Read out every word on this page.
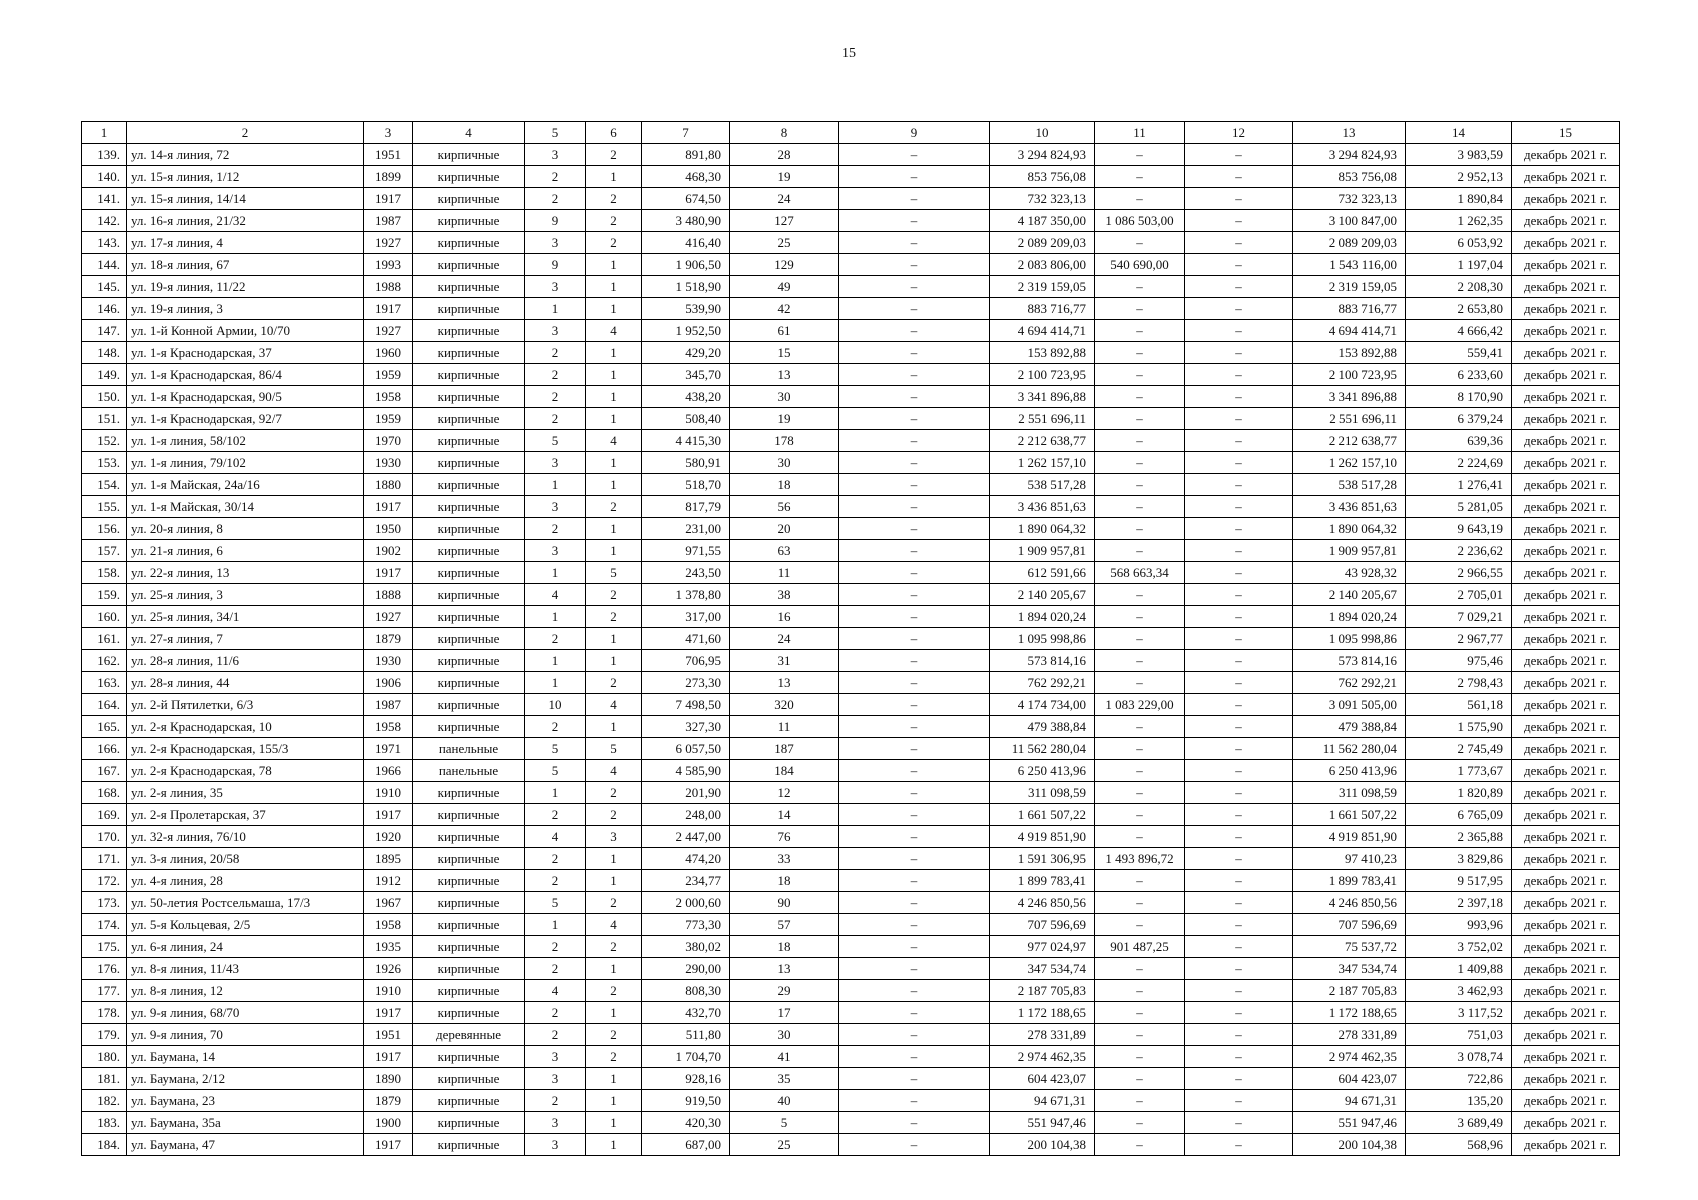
15
1	2	3	4	5	6	7	8	9	10	11	12	13	14	15
139.	ул. 14-я линия, 72	1951	кирпичные	3	2	891,80	28	–	3 294 824,93	–	–	3 294 824,93	3 983,59	декабрь 2021 г.
140.	ул. 15-я линия, 1/12	1899	кирпичные	2	1	468,30	19	–	853 756,08	–	–	853 756,08	2 952,13	декабрь 2021 г.
141.	ул. 15-я линия, 14/14	1917	кирпичные	2	2	674,50	24	–	732 323,13	–	–	732 323,13	1 890,84	декабрь 2021 г.
142.	ул. 16-я линия, 21/32	1987	кирпичные	9	2	3 480,90	127	–	4 187 350,00	1 086 503,00	–	3 100 847,00	1 262,35	декабрь 2021 г.
143.	ул. 17-я линия, 4	1927	кирпичные	3	2	416,40	25	–	2 089 209,03	–	–	2 089 209,03	6 053,92	декабрь 2021 г.
144.	ул. 18-я линия, 67	1993	кирпичные	9	1	1 906,50	129	–	2 083 806,00	540 690,00	–	1 543 116,00	1 197,04	декабрь 2021 г.
145.	ул. 19-я линия, 11/22	1988	кирпичные	3	1	1 518,90	49	–	2 319 159,05	–	–	2 319 159,05	2 208,30	декабрь 2021 г.
146.	ул. 19-я линия, 3	1917	кирпичные	1	1	539,90	42	–	883 716,77	–	–	883 716,77	2 653,80	декабрь 2021 г.
147.	ул. 1-й Конной Армии, 10/70	1927	кирпичные	3	4	1 952,50	61	–	4 694 414,71	–	–	4 694 414,71	4 666,42	декабрь 2021 г.
148.	ул. 1-я Краснодарская, 37	1960	кирпичные	2	1	429,20	15	–	153 892,88	–	–	153 892,88	559,41	декабрь 2021 г.
149.	ул. 1-я Краснодарская, 86/4	1959	кирпичные	2	1	345,70	13	–	2 100 723,95	–	–	2 100 723,95	6 233,60	декабрь 2021 г.
150.	ул. 1-я Краснодарская, 90/5	1958	кирпичные	2	1	438,20	30	–	3 341 896,88	–	–	3 341 896,88	8 170,90	декабрь 2021 г.
151.	ул. 1-я Краснодарская, 92/7	1959	кирпичные	2	1	508,40	19	–	2 551 696,11	–	–	2 551 696,11	6 379,24	декабрь 2021 г.
152.	ул. 1-я линия, 58/102	1970	кирпичные	5	4	4 415,30	178	–	2 212 638,77	–	–	2 212 638,77	639,36	декабрь 2021 г.
153.	ул. 1-я линия, 79/102	1930	кирпичные	3	1	580,91	30	–	1 262 157,10	–	–	1 262 157,10	2 224,69	декабрь 2021 г.
154.	ул. 1-я Майская, 24а/16	1880	кирпичные	1	1	518,70	18	–	538 517,28	–	–	538 517,28	1 276,41	декабрь 2021 г.
155.	ул. 1-я Майская, 30/14	1917	кирпичные	3	2	817,79	56	–	3 436 851,63	–	–	3 436 851,63	5 281,05	декабрь 2021 г.
156.	ул. 20-я линия, 8	1950	кирпичные	2	1	231,00	20	–	1 890 064,32	–	–	1 890 064,32	9 643,19	декабрь 2021 г.
157.	ул. 21-я линия, 6	1902	кирпичные	3	1	971,55	63	–	1 909 957,81	–	–	1 909 957,81	2 236,62	декабрь 2021 г.
158.	ул. 22-я линия, 13	1917	кирпичные	1	5	243,50	11	–	612 591,66	568 663,34	–	43 928,32	2 966,55	декабрь 2021 г.
159.	ул. 25-я линия, 3	1888	кирпичные	4	2	1 378,80	38	–	2 140 205,67	–	–	2 140 205,67	2 705,01	декабрь 2021 г.
160.	ул. 25-я линия, 34/1	1927	кирпичные	1	2	317,00	16	–	1 894 020,24	–	–	1 894 020,24	7 029,21	декабрь 2021 г.
161.	ул. 27-я линия, 7	1879	кирпичные	2	1	471,60	24	–	1 095 998,86	–	–	1 095 998,86	2 967,77	декабрь 2021 г.
162.	ул. 28-я линия, 11/6	1930	кирпичные	1	1	706,95	31	–	573 814,16	–	–	573 814,16	975,46	декабрь 2021 г.
163.	ул. 28-я линия, 44	1906	кирпичные	1	2	273,30	13	–	762 292,21	–	–	762 292,21	2 798,43	декабрь 2021 г.
164.	ул. 2-й Пятилетки, 6/3	1987	кирпичные	10	4	7 498,50	320	–	4 174 734,00	1 083 229,00	–	3 091 505,00	561,18	декабрь 2021 г.
165.	ул. 2-я Краснодарская, 10	1958	кирпичные	2	1	327,30	11	–	479 388,84	–	–	479 388,84	1 575,90	декабрь 2021 г.
166.	ул. 2-я Краснодарская, 155/3	1971	панельные	5	5	6 057,50	187	–	11 562 280,04	–	–	11 562 280,04	2 745,49	декабрь 2021 г.
167.	ул. 2-я Краснодарская, 78	1966	панельные	5	4	4 585,90	184	–	6 250 413,96	–	–	6 250 413,96	1 773,67	декабрь 2021 г.
168.	ул. 2-я линия, 35	1910	кирпичные	1	2	201,90	12	–	311 098,59	–	–	311 098,59	1 820,89	декабрь 2021 г.
169.	ул. 2-я Пролетарская, 37	1917	кирпичные	2	2	248,00	14	–	1 661 507,22	–	–	1 661 507,22	6 765,09	декабрь 2021 г.
170.	ул. 32-я линия, 76/10	1920	кирпичные	4	3	2 447,00	76	–	4 919 851,90	–	–	4 919 851,90	2 365,88	декабрь 2021 г.
171.	ул. 3-я линия, 20/58	1895	кирпичные	2	1	474,20	33	–	1 591 306,95	1 493 896,72	–	97 410,23	3 829,86	декабрь 2021 г.
172.	ул. 4-я линия, 28	1912	кирпичные	2	1	234,77	18	–	1 899 783,41	–	–	1 899 783,41	9 517,95	декабрь 2021 г.
173.	ул. 50-летия Ростсельмаша, 17/3	1967	кирпичные	5	2	2 000,60	90	–	4 246 850,56	–	–	4 246 850,56	2 397,18	декабрь 2021 г.
174.	ул. 5-я Кольцевая, 2/5	1958	кирпичные	1	4	773,30	57	–	707 596,69	–	–	707 596,69	993,96	декабрь 2021 г.
175.	ул. 6-я линия, 24	1935	кирпичные	2	2	380,02	18	–	977 024,97	901 487,25	–	75 537,72	3 752,02	декабрь 2021 г.
176.	ул. 8-я линия, 11/43	1926	кирпичные	2	1	290,00	13	–	347 534,74	–	–	347 534,74	1 409,88	декабрь 2021 г.
177.	ул. 8-я линия, 12	1910	кирпичные	4	2	808,30	29	–	2 187 705,83	–	–	2 187 705,83	3 462,93	декабрь 2021 г.
178.	ул. 9-я линия, 68/70	1917	кирпичные	2	1	432,70	17	–	1 172 188,65	–	–	1 172 188,65	3 117,52	декабрь 2021 г.
179.	ул. 9-я линия, 70	1951	деревянные	2	2	511,80	30	–	278 331,89	–	–	278 331,89	751,03	декабрь 2021 г.
180.	ул. Баумана, 14	1917	кирпичные	3	2	1 704,70	41	–	2 974 462,35	–	–	2 974 462,35	3 078,74	декабрь 2021 г.
181.	ул. Баумана, 2/12	1890	кирпичные	3	1	928,16	35	–	604 423,07	–	–	604 423,07	722,86	декабрь 2021 г.
182.	ул. Баумана, 23	1879	кирпичные	2	1	919,50	40	–	94 671,31	–	–	94 671,31	135,20	декабрь 2021 г.
183.	ул. Баумана, 35а	1900	кирпичные	3	1	420,30	5	–	551 947,46	–	–	551 947,46	3 689,49	декабрь 2021 г.
184.	ул. Баумана, 47	1917	кирпичные	3	1	687,00	25	–	200 104,38	–	–	200 104,38	568,96	декабрь 2021 г.
